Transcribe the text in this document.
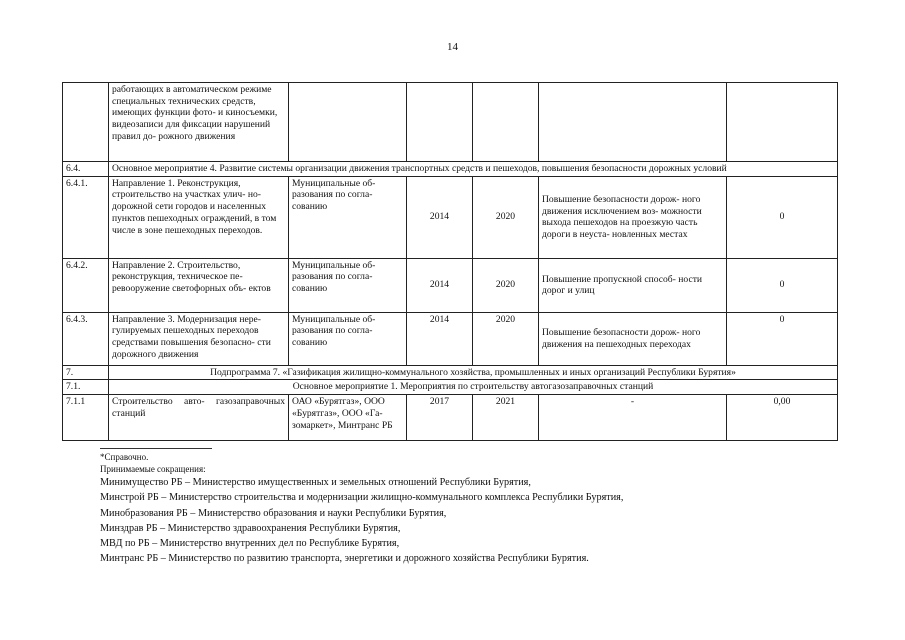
14
	работающих в автоматическом режиме специальных технических средств, имеющих функции фото- и киносъемки, видеозаписи для фиксации нарушений правил до- рожного движения					
6.4.	Основное мероприятие 4. Развитие системы организации движения транспортных средств и пешеходов, повышения безопасности дорожных условий					
6.4.1.	Направление 1. Реконструкция, строительство на участках улич- но-дорожной сети городов и населенных пунктов пешеходных ограждений, в том числе в зоне пешеходных переходов.	Муниципальные об- разования по согла- сованию	2014	2020	Повышение безопасности дорож- ного движения исключением воз- можности выхода пешеходов на проезжую часть дороги в неуста- новленных местах	0
6.4.2.	Направление 2. Строительство, реконструкция, техническое пе- ревооружение светофорных объ- ектов	Муниципальные об- разования по согла- сованию	2014	2020	Повышение пропускной способ- ности дорог и улиц	0
6.4.3.	Направление 3. Модернизация нере- гулируемых пешеходных переходов средствами повышения безопасно- сти дорожного движения	Муниципальные об- разования по согла- сованию	2014	2020	Повышение безопасности дорож- ного движения на пешеходных переходах	0
7.	Подпрограмма 7. «Газификация жилищно-коммунального хозяйства, промышленных и иных организаций Республики Бурятия»					
7.1.	Основное мероприятие 1. Мероприятия по строительству автогазозаправочных станций					
7.1.1	Строительство авто- газозаправочных станций	ОАО «Бурятгаз», ООО «Бурятгаз», ООО «Га- зомаркет», Минтранс РБ	2017	2021	-	0,00
*Справочно.
Принимаемые сокращения:
Минимущество РБ – Министерство имущественных и земельных отношений Республики Бурятия,
Минстрой РБ – Министерство строительства и модернизации жилищно-коммунального комплекса Республики Бурятия,
Минобразования РБ – Министерство образования и науки Республики Бурятия,
Минздрав РБ – Министерство здравоохранения Республики Бурятия,
МВД по РБ – Министерство внутренних дел по Республике Бурятия,
Минтранс РБ – Министерство по развитию транспорта, энергетики и дорожного хозяйства Республики Бурятия.
